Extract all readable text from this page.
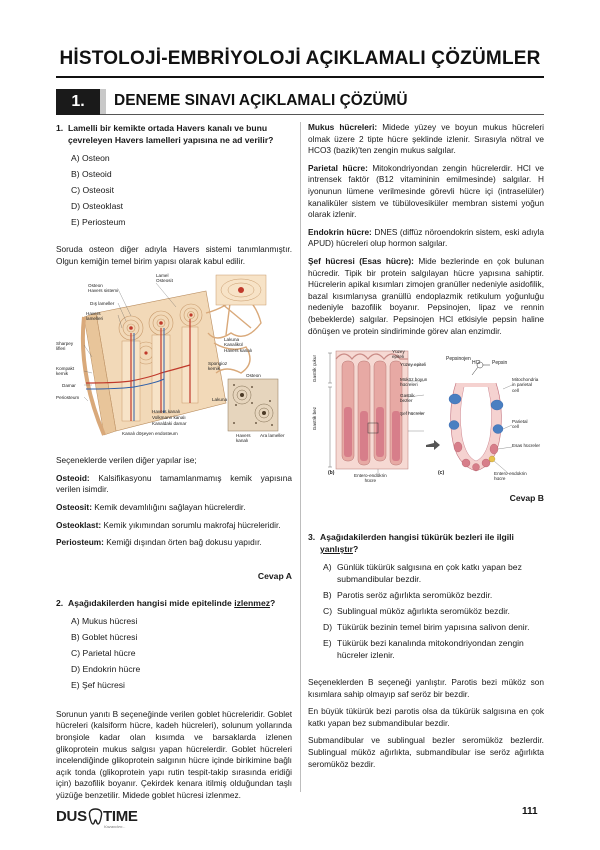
HİSTOLOJİ-EMBRİYOLOJİ AÇIKLAMALI ÇÖZÜMLER
1.	DENEME SINAVI AÇIKLAMALI ÇÖZÜMÜ
1. Lamelli bir kemikte ortada Havers kanalı ve bunu çevreleyen Havers lamelleri yapısına ne ad verilir?
A) Osteon
B) Osteoid
C) Osteosit
D) Osteoklast
E) Periosteum
Soruda osteon diğer adıyla Havers sistemi tanımlanmıştır. Olgun kemiğin temel birim yapısı olarak kabul edilir.
Lamel
Osteosit
Osteon
Havers sistemi
Dış lameller
Havers
lamelleri
Sharpey
lifleri
Kompakt
kemik
Damar
Periosteum
Lakuna
Kanalikül
Havers kanalı
Spongioz
kemik
Osteon
Lakuna
Havers
kanalı
Ara lameller
Havers kanalı
Volkmann kanalı
Kanaldaki damar
Kanalı döşeyen endosteum
Seçeneklerde verilen diğer yapılar ise;
Osteoid: Kalsifikasyonu tamamlanmamış kemik yapısına verilen isimdir.
Osteosit: Kemik devamlılığını sağlayan hücrelerdir.
Osteoklast: Kemik yıkımından sorumlu makrofaj hücreleridir.
Periosteum: Kemiği dışından örten bağ dokusu yapıdır.
Cevap A
2. Aşağıdakilerden hangisi mide epitelinde izlenmez?
A) Mukus hücresi
B) Goblet hücresi
C) Parietal hücre
D) Endokrin hücre
E) Şef hücresi
Sorunun yanıtı B seçeneğinde verilen goblet hücreleridir. Goblet hücreleri (kalsiform hücre, kadeh hücreleri), solunum yollarında bronşiole kadar olan kısımda ve barsaklarda izlenen glikoprotein mukus salgısı yapan hücrelerdir. Goblet hücreleri incelendiğinde glikoprotein salgının hücre içinde birikimine bağlı açık tonda (glikoprotein yapı rutin tespit-takip sırasında eridiği için) bazofilik boyanır. Çekirdek kenara itilmiş olduğundan taşlı yüzüğe benzetilir. Midede goblet hücresi izlenmez.
Mukus hücreleri: Midede yüzey ve boyun mukus hücreleri olmak üzere 2 tipte hücre şeklinde izlenir. Sırasıyla nötral ve HCO3 (bazik)'ten zengin mukus salgılar.
Parietal hücre: Mitokondriyondan zengin hücrelerdir. HCl ve intrensek faktör (B12 vitamininin emilmesinde) salgılar. H iyonunun lümene verilmesinde görevli hücre içi (intraselüler) kanaliküler sistem ve tübülovesiküler membran sistemi yoğun olarak izlenir.
Endokrin hücre: DNES (diffüz nöroendokrin sistem, eski adıyla APUD) hücreleri olup hormon salgılar.
Şef hücresi (Esas hücre): Mide bezlerinde en çok bulunan hücredir. Tipik bir protein salgılayan hücre yapısına sahiptir. Hücrelerin apikal kısımları zimojen granüller nedeniyle asidofilik, bazal kısımlarıysa granüllü endoplazmik retikulum yoğunluğu nedeniyle bazofilik boyanır. Pepsinojen, lipaz ve rennin (bebeklerde) salgılar. Pepsinojen HCl etkisiyle pepsin haline dönüşen ve protein sindiriminde görev alan enzimdir.
Gastrik çukur
Gastrik bez
Yüzey
epiteli
Yüzey epiteli
Müköz boyun
hücreleri
Gastrik
bezler
Şef hücreler
Entero-endokrin
hücre
Pepsinojen
HCl Pepsin
Mitochondria
in parietal
cell
Parietal
cell
Esas hücreler
Entero-endokrin
hücre
(b)	(c)
Cevap B
3. Aşağıdakilerden hangisi tükürük bezleri ile ilgili yanlıştır?
A) Günlük tükürük salgısına en çok katkı yapan bez submandibular bezdir.
B) Parotis seröz ağırlıkta seromüköz bezdir.
C) Sublingual müköz ağırlıkta seromüköz bezdir.
D) Tükürük bezinin temel birim yapısına salivon denir.
E) Tükürük bezi kanalında mitokondriyondan zengin hücreler izlenir.
Seçeneklerden B seçeneği yanlıştır. Parotis bezi müköz son kısımlara sahip olmayıp saf seröz bir bezdir.
En büyük tükürük bezi parotis olsa da tükürük salgısına en çok katkı yapan bez submandibular bezdir.
Submandibular ve sublingual bezler seromüköz bezlerdir. Sublingual müköz ağırlıkta, submandibular ise seröz ağırlıkta seromüköz bezdir.
DUS TIME
Kazandırır...
111
